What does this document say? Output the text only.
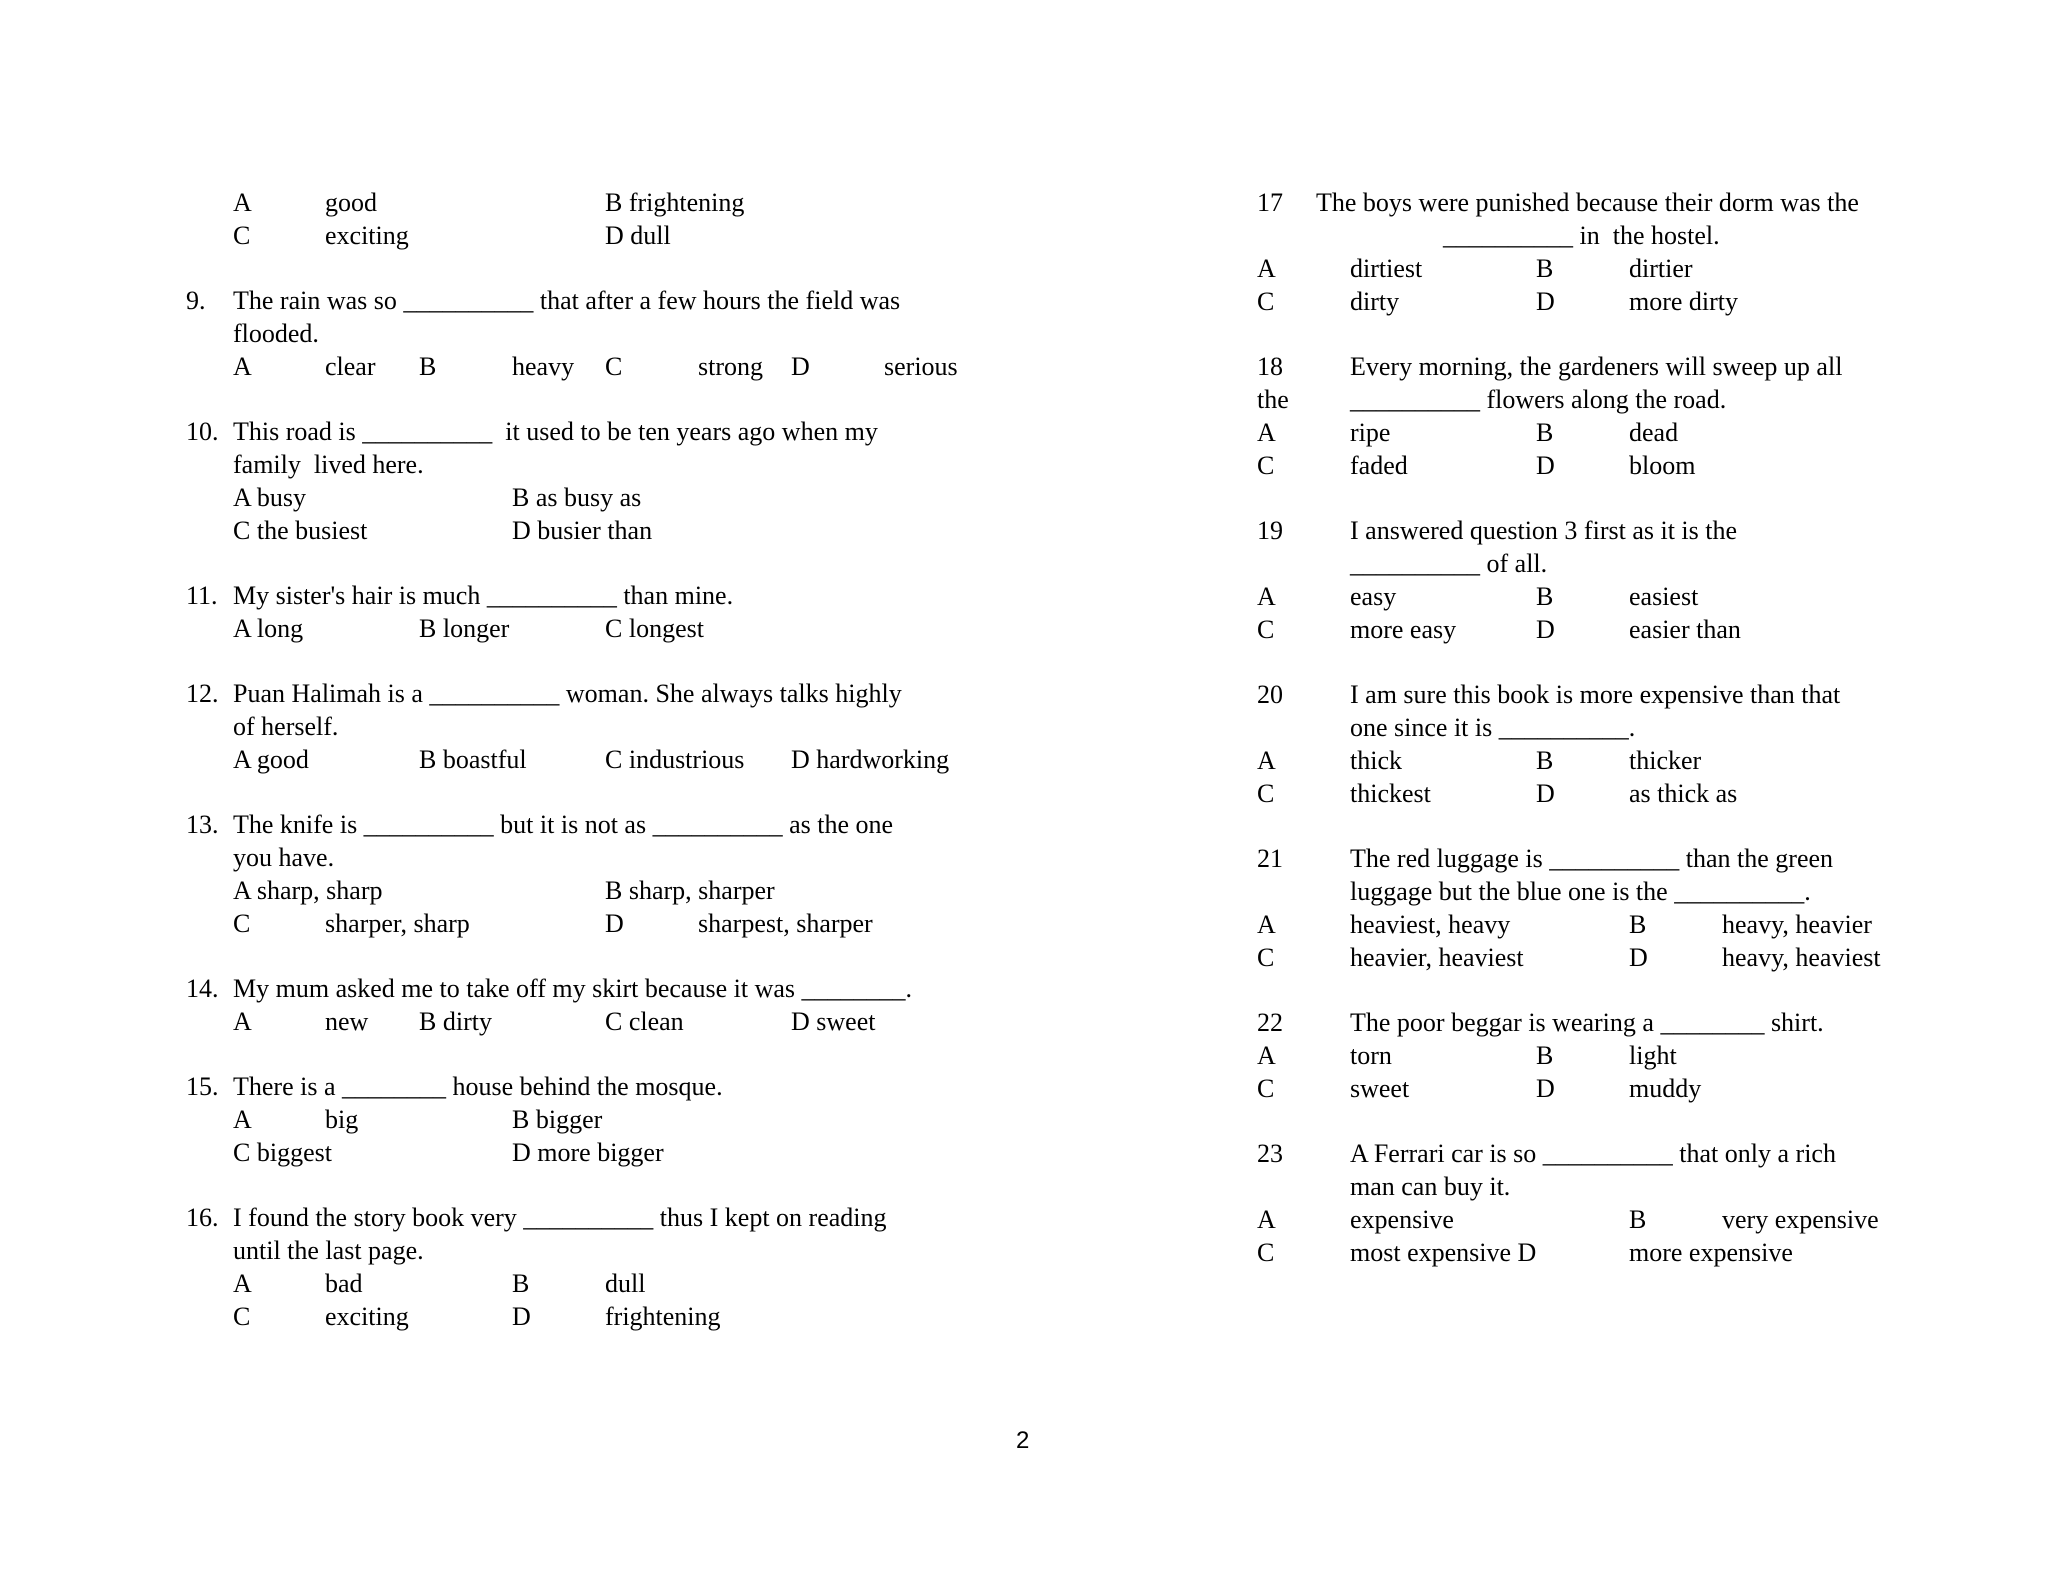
A	good	B frightening
C	exciting	D dull
9. The rain was so __________ that after a few hours the field was
flooded.
A	clear B	heavy C	strong D	serious
10. This road is __________  it used to be ten years ago when my
family  lived here.
A busy	B as busy as
C the busiest	D busier than
11. My sister's hair is much __________ than mine.
A long	B longer	C longest
12. Puan Halimah is a __________ woman. She always talks highly
of herself.
A good	B boastful	C industrious D hardworking
13. The knife is __________ but it is not as __________ as the one
you have.
A sharp, sharp	B sharp, sharper
C	sharper, sharp	D	sharpest, sharper
14. My mum asked me to take off my skirt because it was ________.
A	new B dirty	C clean	D sweet
15. There is a ________ house behind the mosque.
A	big	B bigger
C biggest	D more bigger
16. I found the story book very __________ thus I kept on reading
until the last page.
A	bad	B	dull
C	exciting	D	frightening
17 The boys were punished because their dorm was the
__________ in  the hostel.
A	dirtiest	B	dirtier
C	dirty	D	more dirty
18	Every morning, the gardeners will sweep up all
the __________ flowers along the road.
A	ripe	B	dead
C	faded	D	bloom
19	I answered question 3 first as it is the
__________ of all.
A	easy	B	easiest
C	more easy	D	easier than
20	I am sure this book is more expensive than that
one since it is __________.
A	thick	B	thicker
C	thickest	D	as thick as
21	The red luggage is __________ than the green
luggage but the blue one is the __________.
A	heaviest, heavy	B	heavy, heavier
C	heavier, heaviest	D	heavy, heaviest
22	The poor beggar is wearing a ________ shirt.
A	torn	B	light
C	sweet	D	muddy
23	A Ferrari car is so __________ that only a rich
man can buy it.
A	expensive	B	very expensive
C	most expensive D	more expensive
2
